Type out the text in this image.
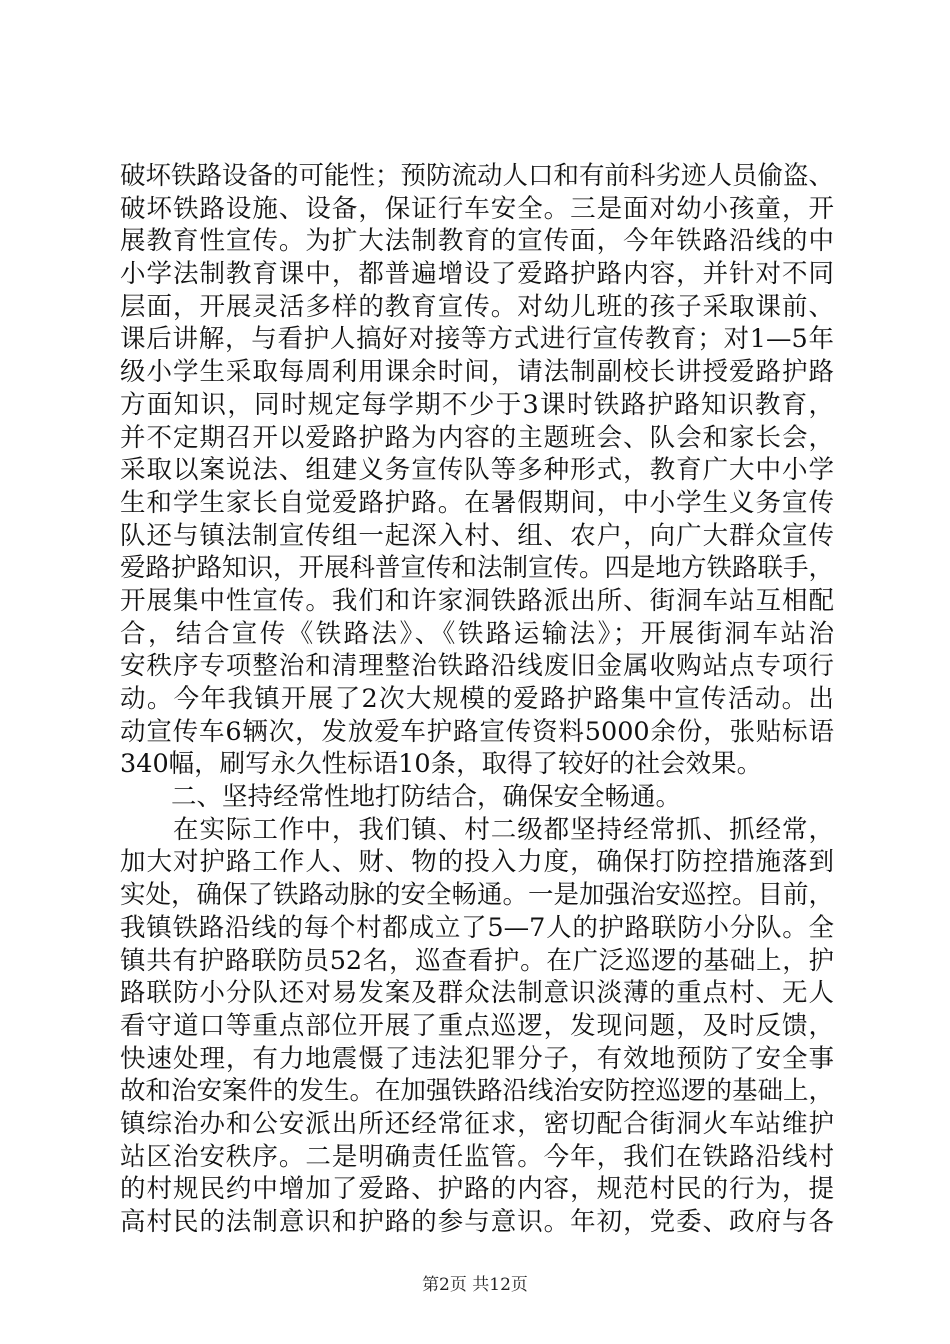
破坏铁路设备的可能性；预防流动人口和有前科劣迹人员偷盗、
破坏铁路设施、设备，保证行车安全。三是面对幼小孩童，开
展教育性宣传。为扩大法制教育的宣传面，今年铁路沿线的中
小学法制教育课中，都普遍增设了爱路护路内容，并针对不同
层面，开展灵活多样的教育宣传。对幼儿班的孩子采取课前、
课后讲解，与看护人搞好对接等方式进行宣传教育；对1—5年
级小学生采取每周利用课余时间，请法制副校长讲授爱路护路
方面知识，同时规定每学期不少于3课时铁路护路知识教育，
并不定期召开以爱路护路为内容的主题班会、队会和家长会，
采取以案说法、组建义务宣传队等多种形式，教育广大中小学
生和学生家长自觉爱路护路。在暑假期间，中小学生义务宣传
队还与镇法制宣传组一起深入村、组、农户，向广大群众宣传
爱路护路知识，开展科普宣传和法制宣传。四是地方铁路联手，
开展集中性宣传。我们和许家洞铁路派出所、街洞车站互相配
合，结合宣传《铁路法》、《铁路运输法》；开展街洞车站治
安秩序专项整治和清理整治铁路沿线废旧金属收购站点专项行
动。今年我镇开展了2次大规模的爱路护路集中宣传活动。出
动宣传车6辆次，发放爱车护路宣传资料5000余份，张贴标语
340幅，刷写永久性标语10条，取得了较好的社会效果。
　　二、坚持经常性地打防结合，确保安全畅通。
　　在实际工作中，我们镇、村二级都坚持经常抓、抓经常，
加大对护路工作人、财、物的投入力度，确保打防控措施落到
实处，确保了铁路动脉的安全畅通。一是加强治安巡控。目前，
我镇铁路沿线的每个村都成立了5—7人的护路联防小分队。全
镇共有护路联防员52名，巡查看护。在广泛巡逻的基础上，护
路联防小分队还对易发案及群众法制意识淡薄的重点村、无人
看守道口等重点部位开展了重点巡逻，发现问题，及时反馈，
快速处理，有力地震慑了违法犯罪分子，有效地预防了安全事
故和治安案件的发生。在加强铁路沿线治安防控巡逻的基础上，
镇综治办和公安派出所还经常征求，密切配合街洞火车站维护
站区治安秩序。二是明确责任监管。今年，我们在铁路沿线村
的村规民约中增加了爱路、护路的内容，规范村民的行为，提
高村民的法制意识和护路的参与意识。年初，党委、政府与各
第2页 共12页
